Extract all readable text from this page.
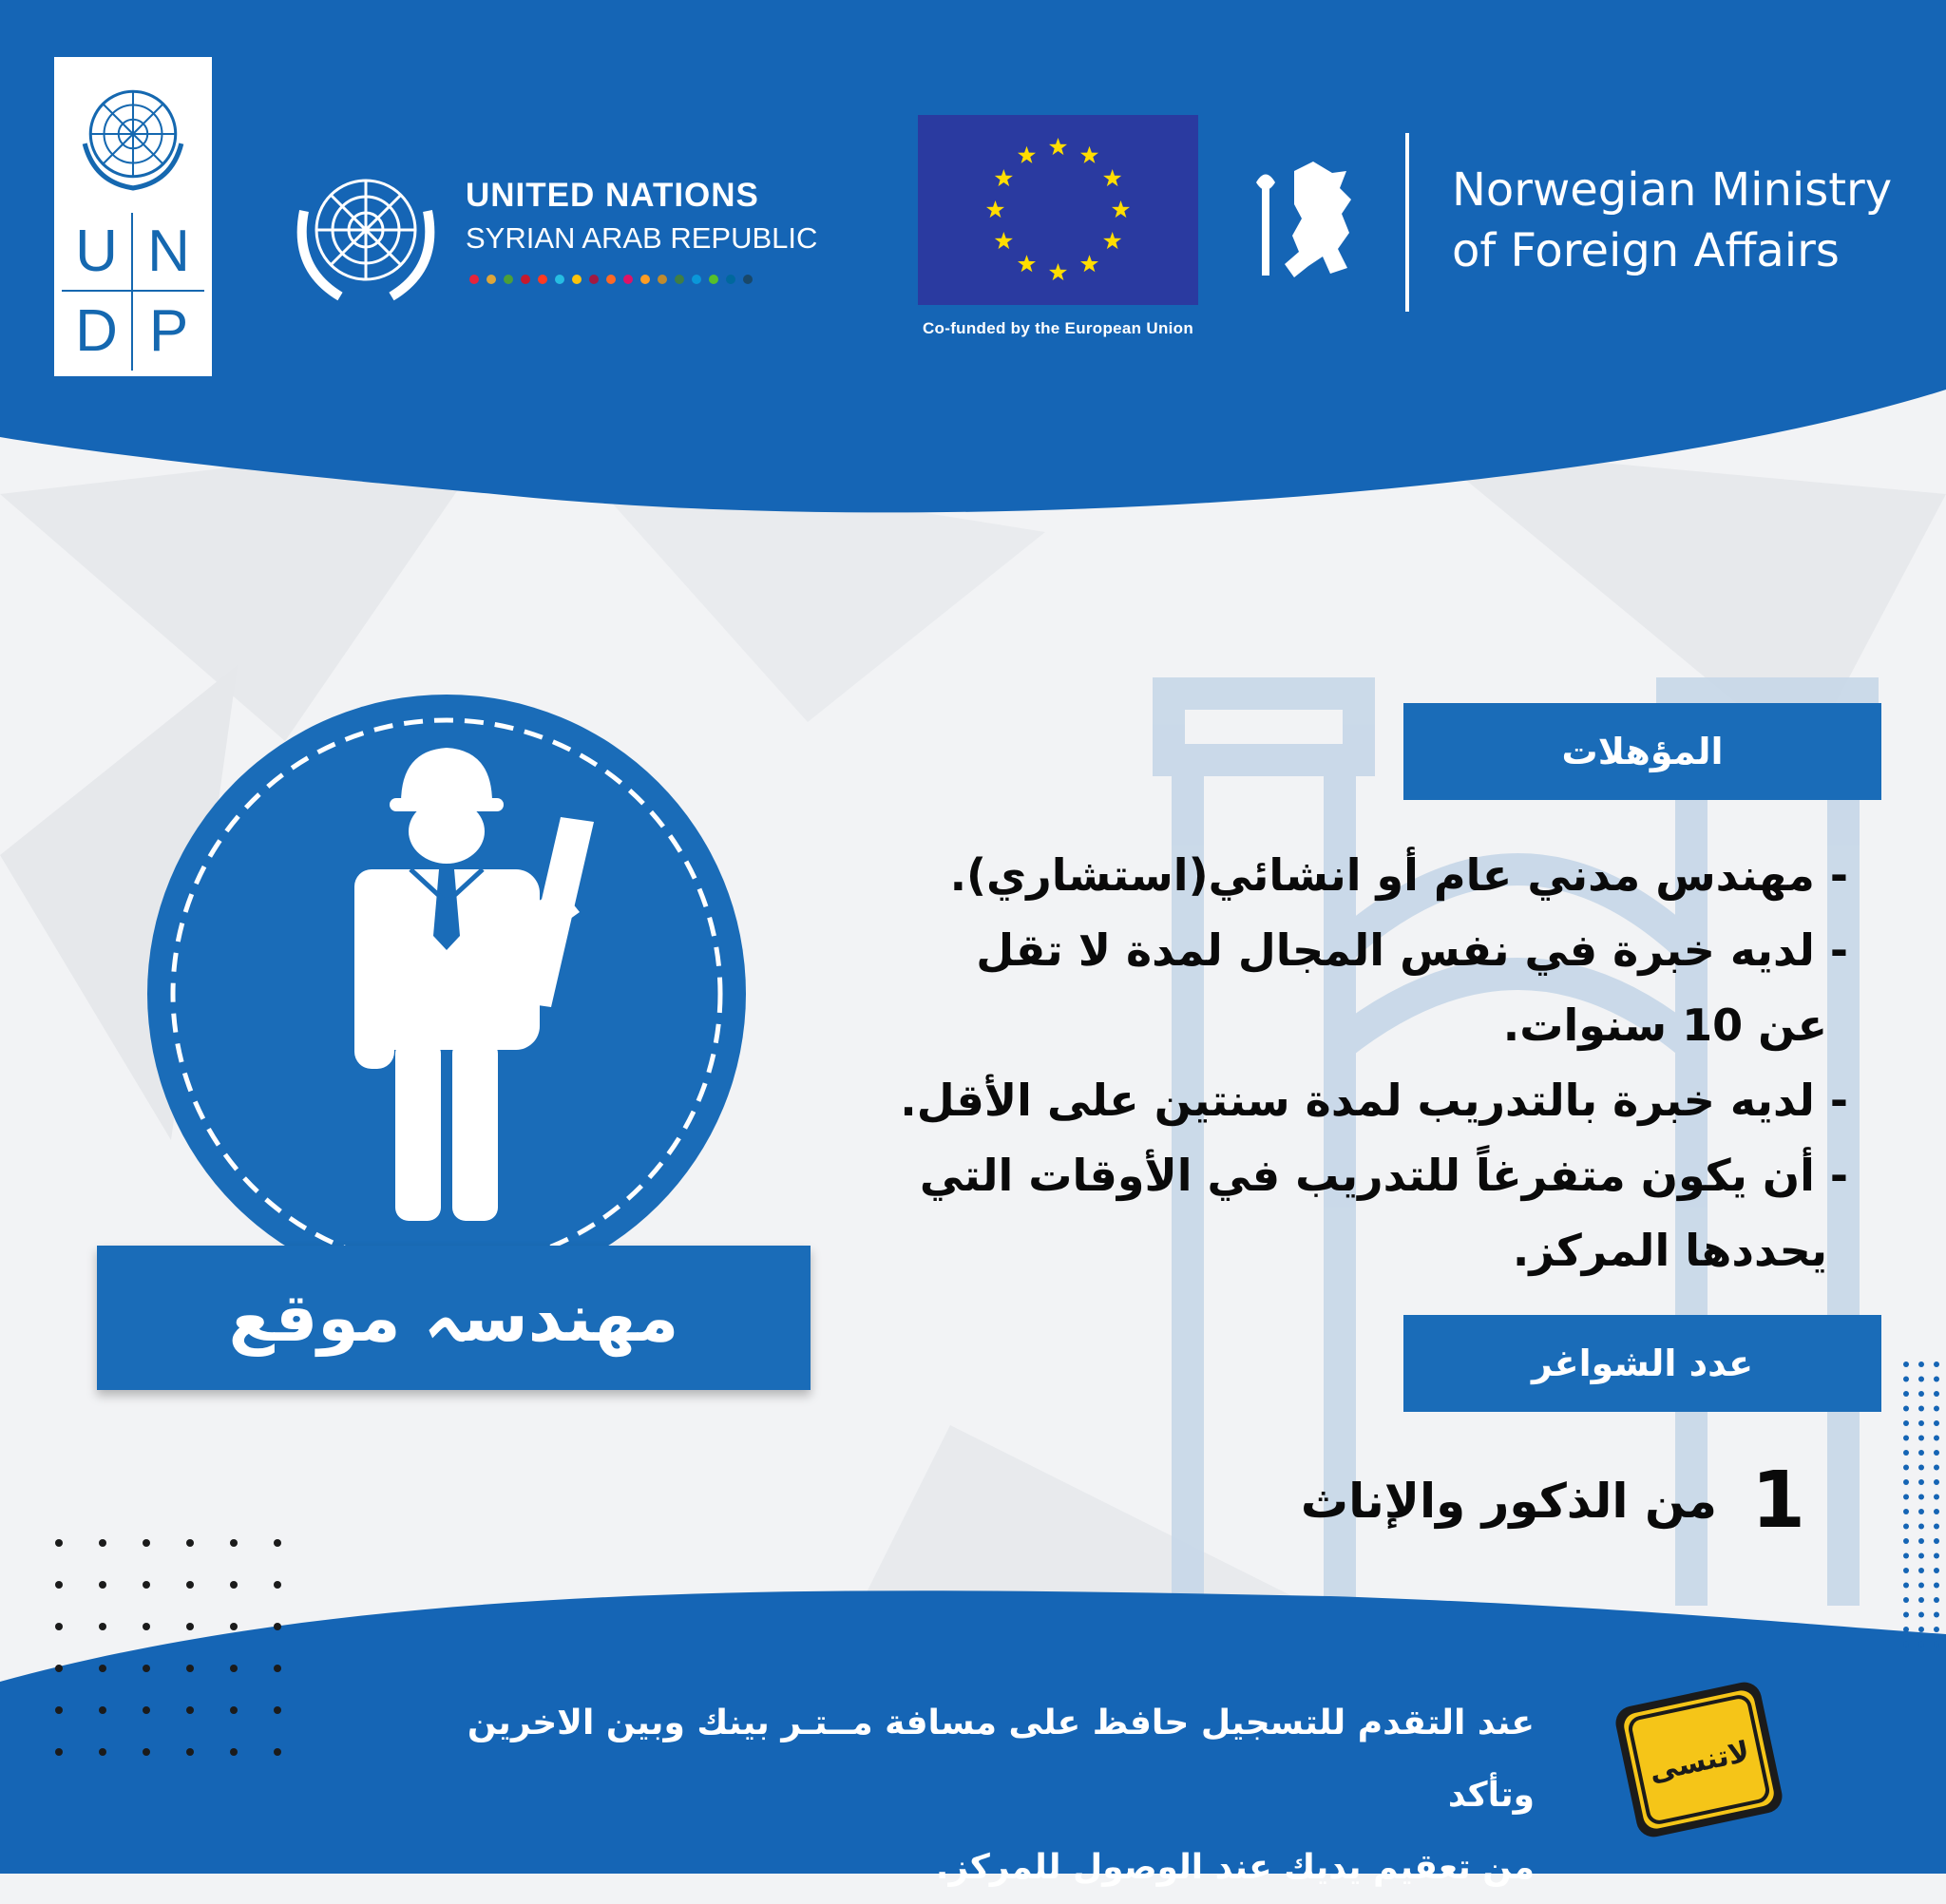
U N
D P
UNITED NATIONS
SYRIAN ARAB REPUBLIC
Co-funded by the European Union
Norwegian Ministry
of Foreign Affairs
مهندسہ موقع
المؤهلات
- مهندس مدني عام أو انشائي(استشاري).
- لديه خبرة في نفس المجال لمدة لا تقل
عن 10 سنوات.
- لديه خبرة بالتدريب لمدة سنتين على الأقل.
- أن يكون متفرغاً للتدريب في الأوقات التي
يحددها المركز.
عدد الشواغر
1
من الذكور والإناث
عند التقدم للتسجيل حافظ على مسافة مــتـر بينك وبين الاخرين وتأكد
من تعقيم يديك عند الوصول للمركز.
لاتنسى
